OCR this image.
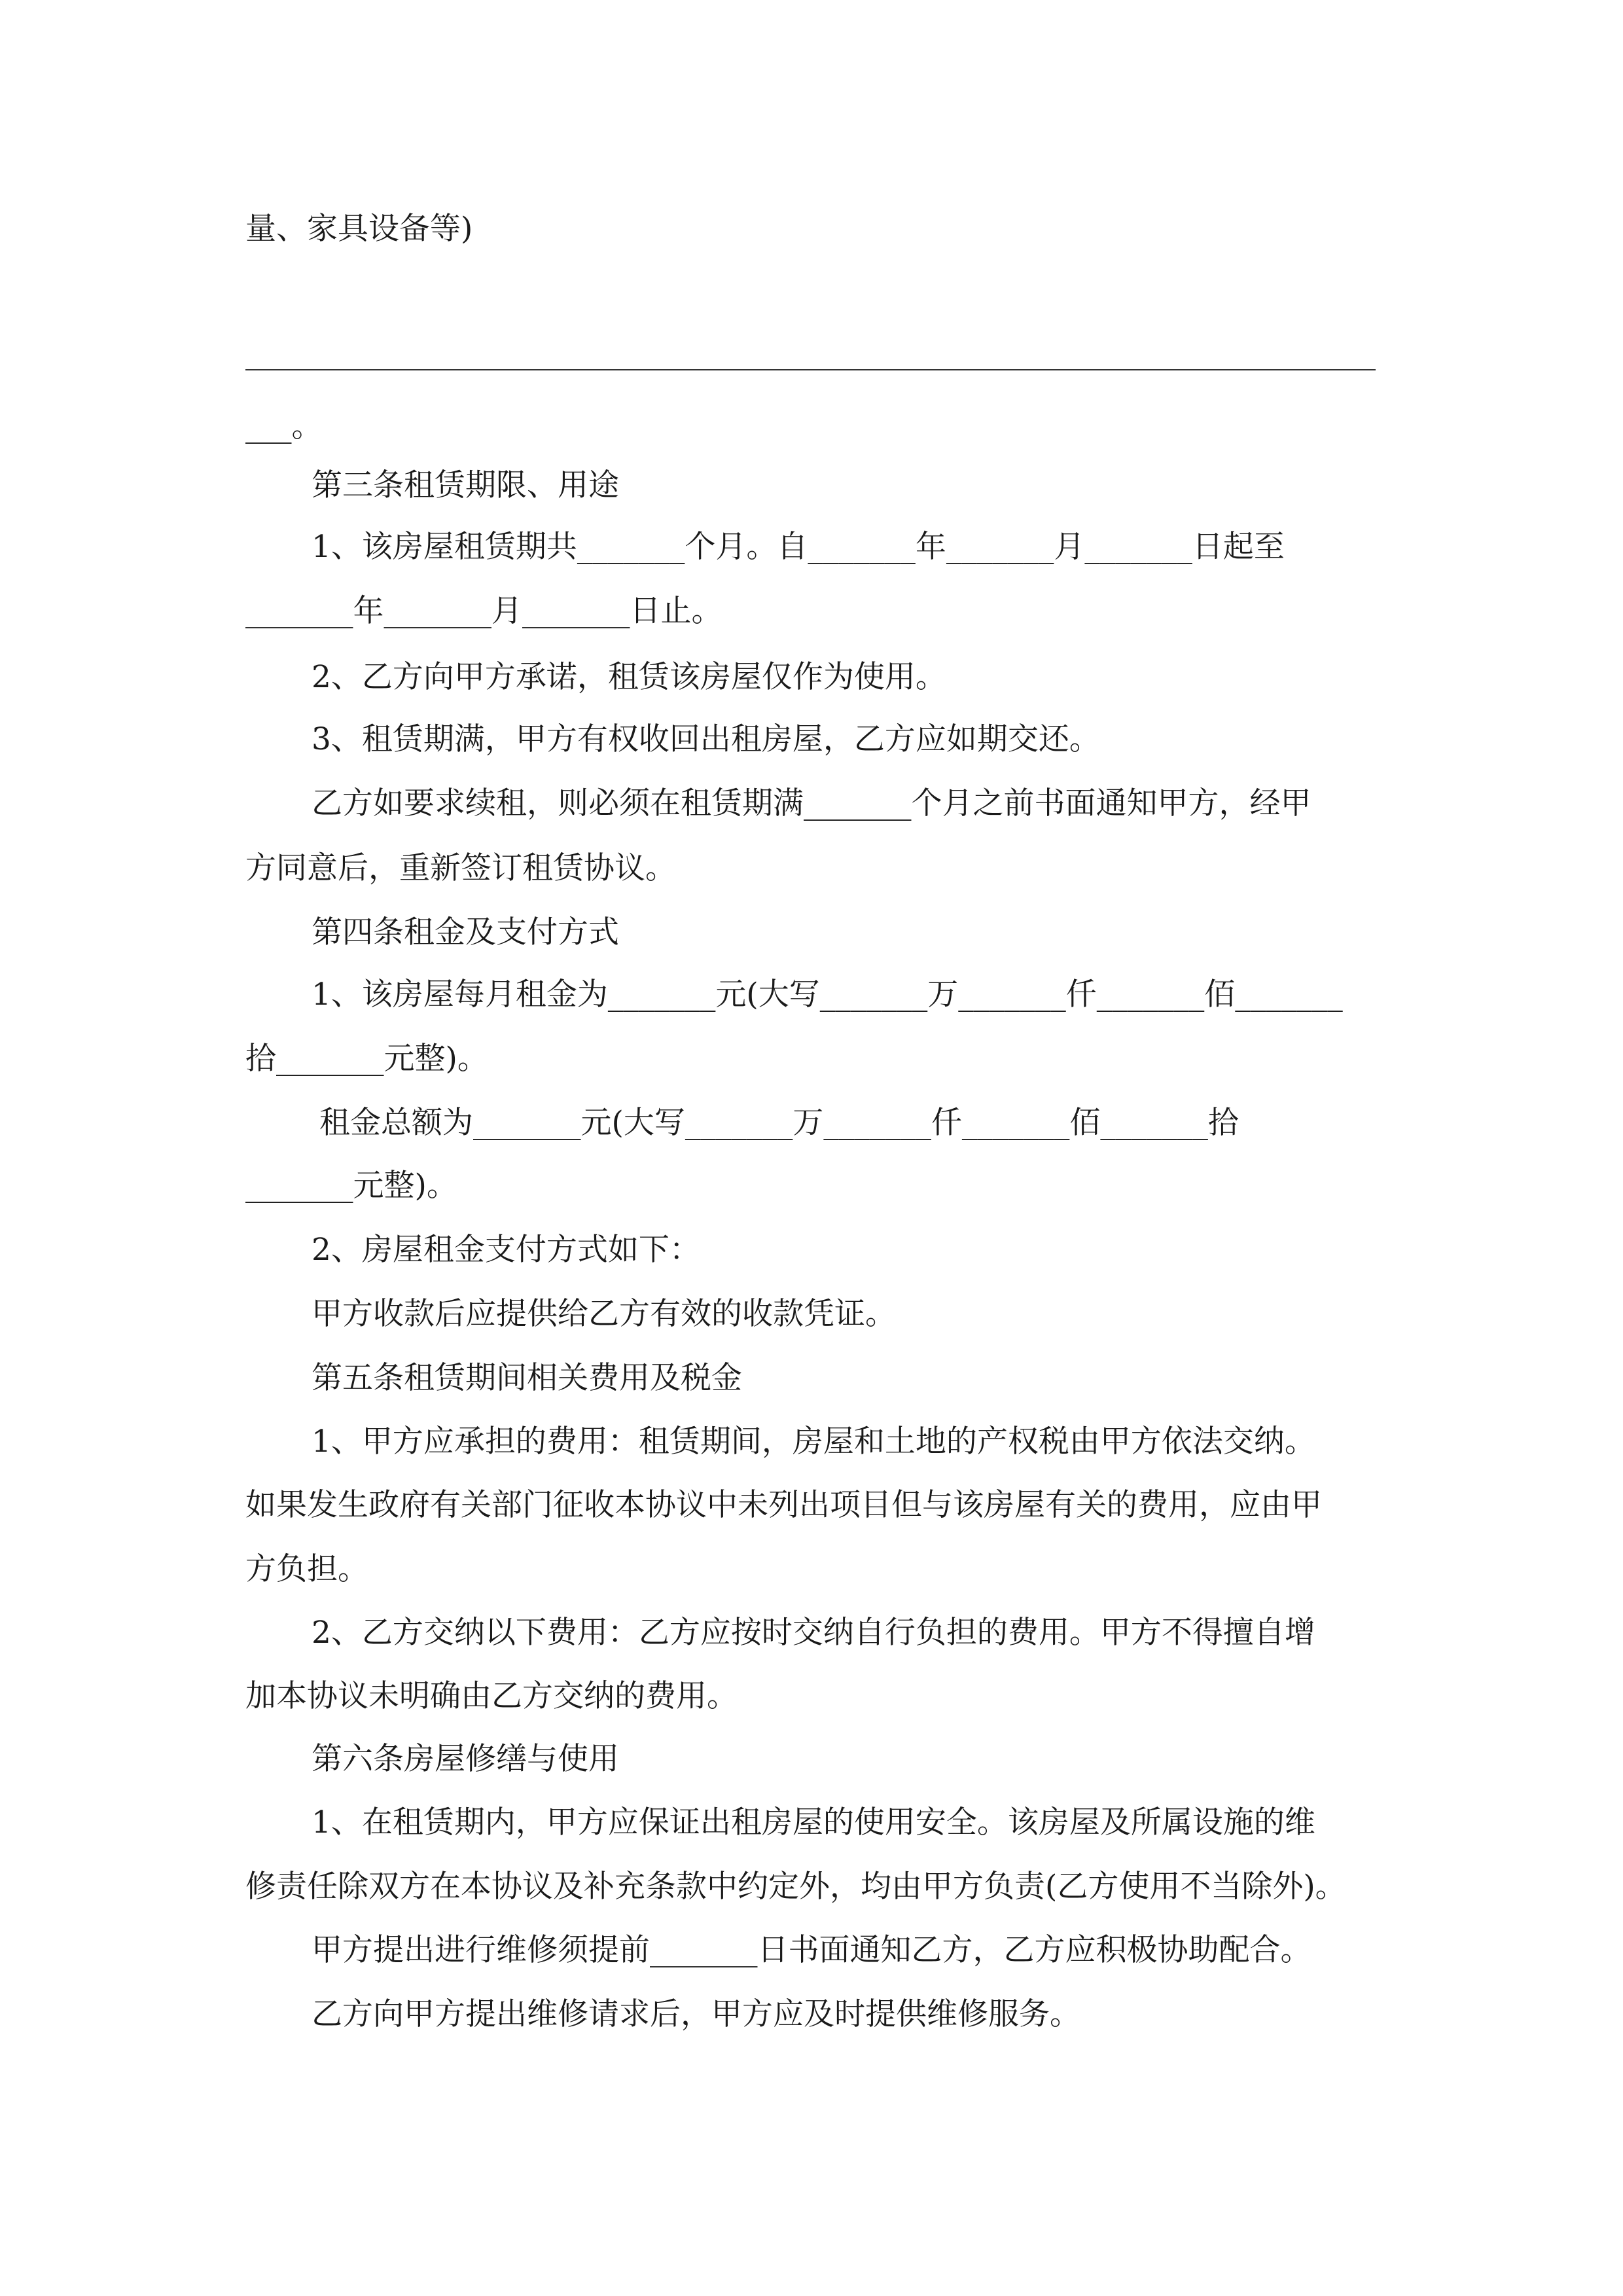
量、家具设备等)
___。
第三条租赁期限、用途
1、该房屋租赁期共_______个月。自_______年_______月_______日起至
_______年_______月_______日止。
2、乙方向甲方承诺，租赁该房屋仅作为使用。
3、租赁期满，甲方有权收回出租房屋，乙方应如期交还。
乙方如要求续租，则必须在租赁期满_______个月之前书面通知甲方，经甲
方同意后，重新签订租赁协议。
第四条租金及支付方式
1、该房屋每月租金为_______元(大写_______万_______仟_______佰_______
拾_______元整)。
租金总额为_______元(大写_______万_______仟_______佰_______拾
_______元整)。
2、房屋租金支付方式如下：
甲方收款后应提供给乙方有效的收款凭证。
第五条租赁期间相关费用及税金
1、甲方应承担的费用：租赁期间，房屋和土地的产权税由甲方依法交纳。
如果发生政府有关部门征收本协议中未列出项目但与该房屋有关的费用，应由甲
方负担。
2、乙方交纳以下费用：乙方应按时交纳自行负担的费用。甲方不得擅自增
加本协议未明确由乙方交纳的费用。
第六条房屋修缮与使用
1、在租赁期内，甲方应保证出租房屋的使用安全。该房屋及所属设施的维
修责任除双方在本协议及补充条款中约定外，均由甲方负责(乙方使用不当除外)。
甲方提出进行维修须提前_______日书面通知乙方，乙方应积极协助配合。
乙方向甲方提出维修请求后，甲方应及时提供维修服务。
